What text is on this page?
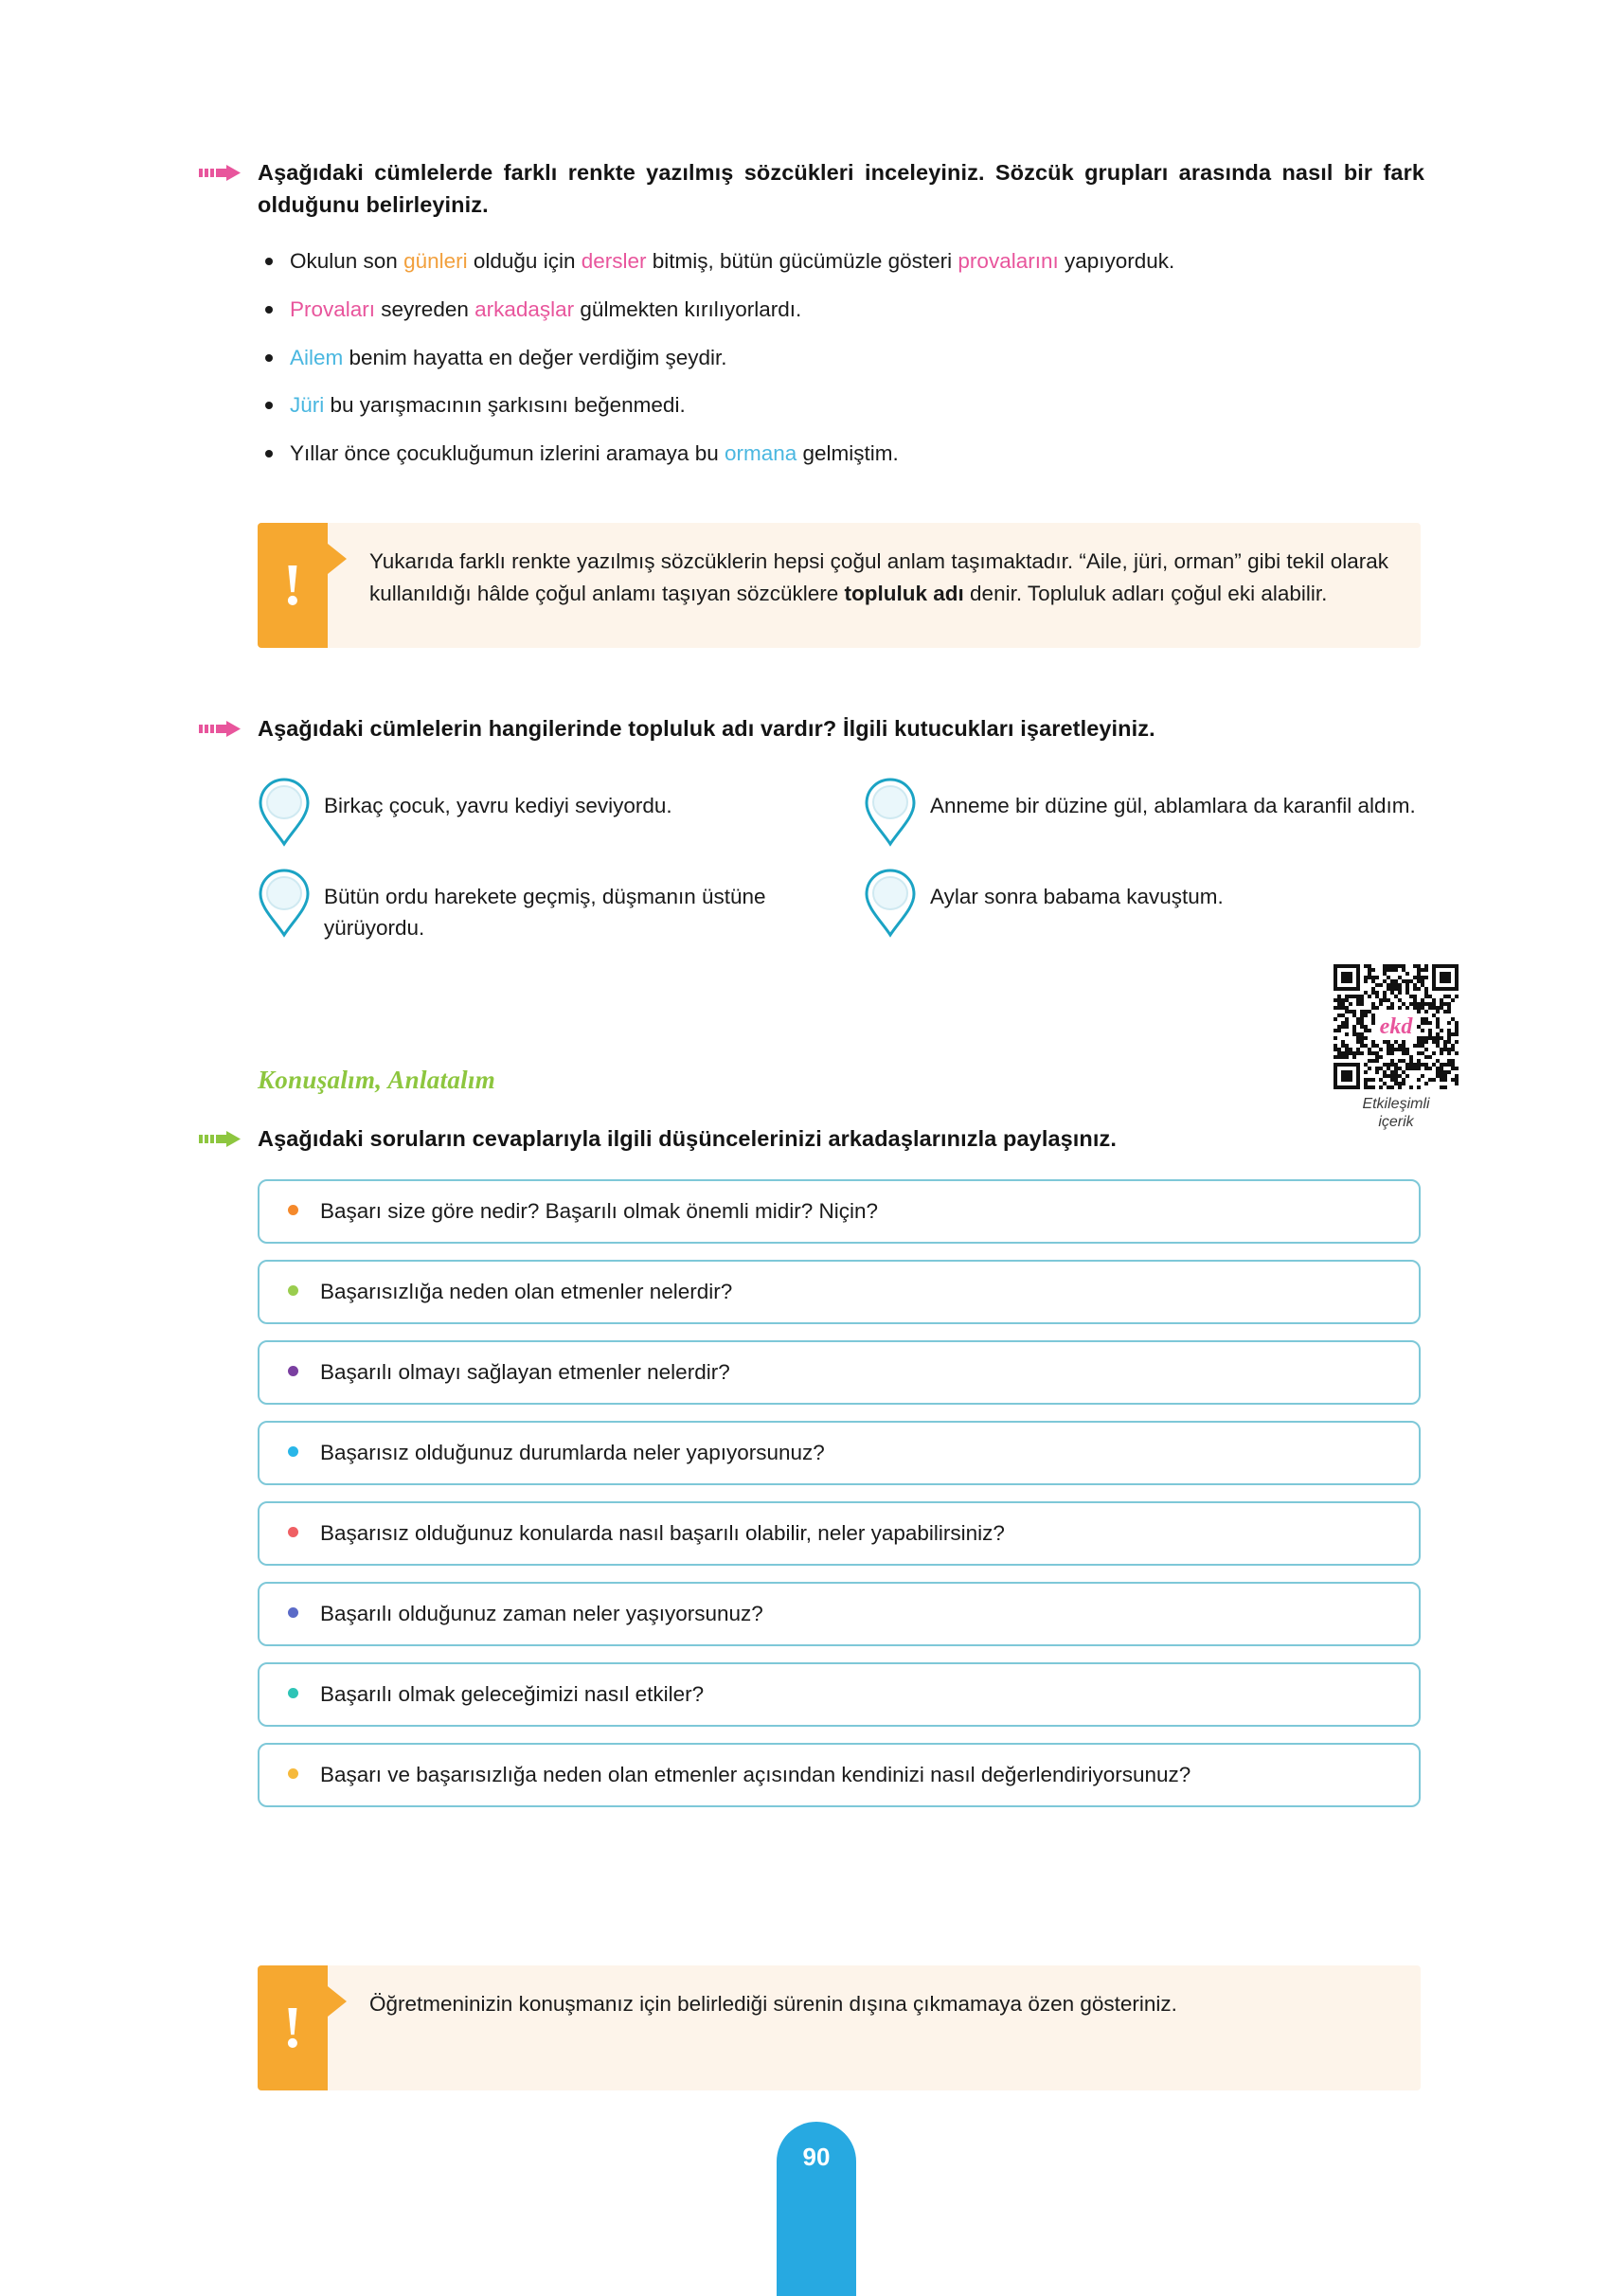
Aşağıdaki cümlelerde farklı renkte yazılmış sözcükleri inceleyiniz. Sözcük grupları arasında nasıl bir fark olduğunu belirleyiniz.
Okulun son günleri olduğu için dersler bitmiş, bütün gücümüzle gösteri provalarını yapıyorduk.
Provaları seyreden arkadaşlar gülmekten kırılıyorlardı.
Ailem benim hayatta en değer verdiğim şeydir.
Jüri bu yarışmacının şarkısını beğenmedi.
Yıllar önce çocukluğumun izlerini aramaya bu ormana gelmiştim.
!
Yukarıda farklı renkte yazılmış sözcüklerin hepsi çoğul anlam taşımaktadır. “Aile, jüri, orman” gibi tekil olarak kullanıldığı hâlde çoğul anlamı taşıyan sözcüklere topluluk adı denir. Topluluk adları çoğul eki alabilir.
Aşağıdaki cümlelerin hangilerinde topluluk adı vardır? İlgili kutucukları işaretleyiniz.
Birkaç çocuk, yavru kediyi seviyordu.	Anneme bir düzine gül, ablamlara da karanfil aldım.
Bütün ordu harekete geçmiş, düşmanın üstüne yürüyordu.
Aylar sonra babama kavuştum.
ekd
Etkileşimli
içerik
Konuşalım, Anlatalım
Aşağıdaki soruların cevaplarıyla ilgili düşüncelerinizi arkadaşlarınızla paylaşınız.
Başarı size göre nedir? Başarılı olmak önemli midir? Niçin?
Başarısızlığa neden olan etmenler nelerdir?
Başarılı olmayı sağlayan etmenler nelerdir?
Başarısız olduğunuz durumlarda neler yapıyorsunuz?
Başarısız olduğunuz konularda nasıl başarılı olabilir, neler yapabilirsiniz?
Başarılı olduğunuz zaman neler yaşıyorsunuz?
Başarılı olmak geleceğimizi nasıl etkiler?
Başarı ve başarısızlığa neden olan etmenler açısından kendinizi nasıl değerlendiriyorsunuz?
!
Öğretmeninizin konuşmanız için belirlediği sürenin dışına çıkmamaya özen gösteriniz.
90
